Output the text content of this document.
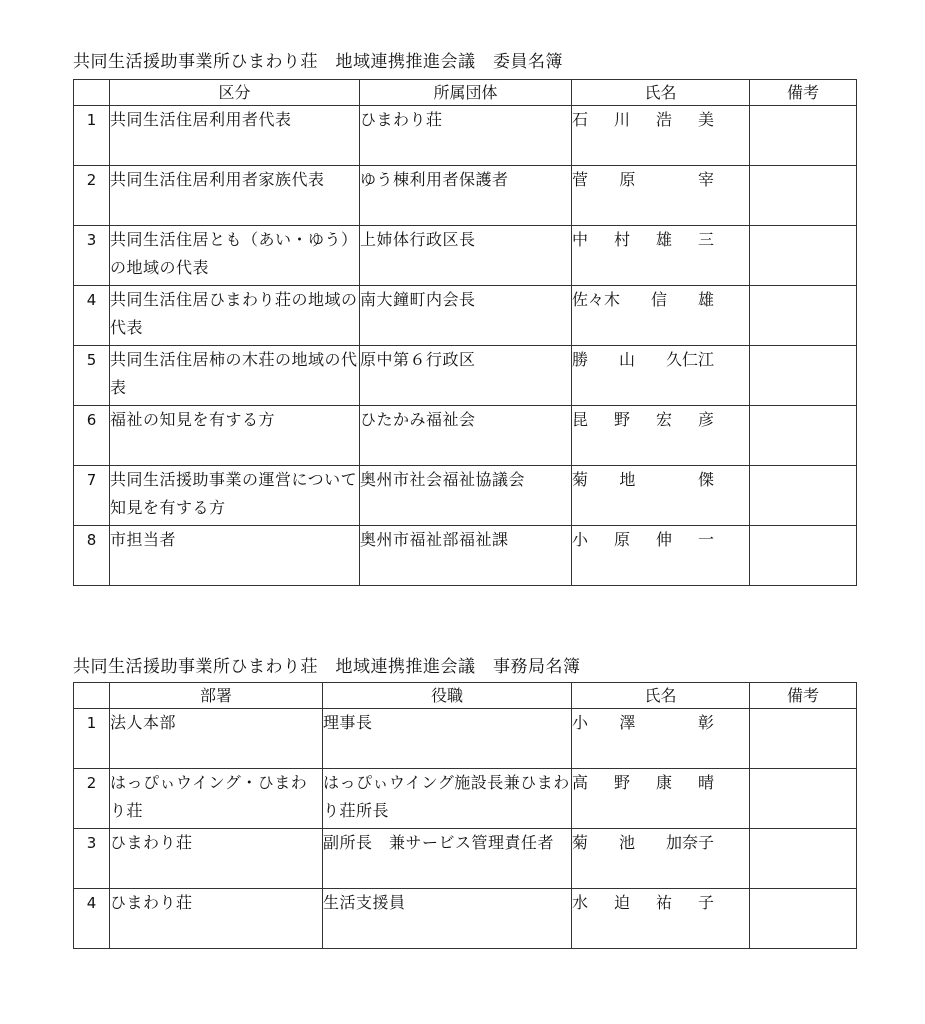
共同生活援助事業所ひまわり荘　地域連携推進会議　委員名簿
	区分	所属団体	氏名	備考
1	共同生活住居利用者代表	ひまわり荘	石 川 浩 美	

2	共同生活住居利用者家族代表	ゆう棟利用者保護者	菅 原 宰	

3	共同生活住居とも（あい・ゆう）の地域の代表	上姉体行政区長	中 村 雄 三	

4	共同生活住居ひまわり荘の地域の代表	南大鐘町内会長	佐々木 信 雄	

5	共同生活住居柿の木荘の地域の代表	原中第６行政区	勝 山 久仁江	

6	福祉の知見を有する方	ひたかみ福祉会	昆 野 宏 彦	

7	共同生活援助事業の運営について知見を有する方	奥州市社会福祉協議会	菊 地 傑	

8	市担当者	奥州市福祉部福祉課	小 原 伸 一	

共同生活援助事業所ひまわり荘　地域連携推進会議　事務局名簿
	部署	役職	氏名	備考
1	法人本部	理事長	小 澤 彰	

2	はっぴぃウイング・ひまわり荘	はっぴぃウイング施設長兼ひまわり荘所長	高 野 康 晴	

3	ひまわり荘	副所長　兼サービス管理責任者	菊 池 加奈子	

4	ひまわり荘	生活支援員	水 迫 祐 子	
